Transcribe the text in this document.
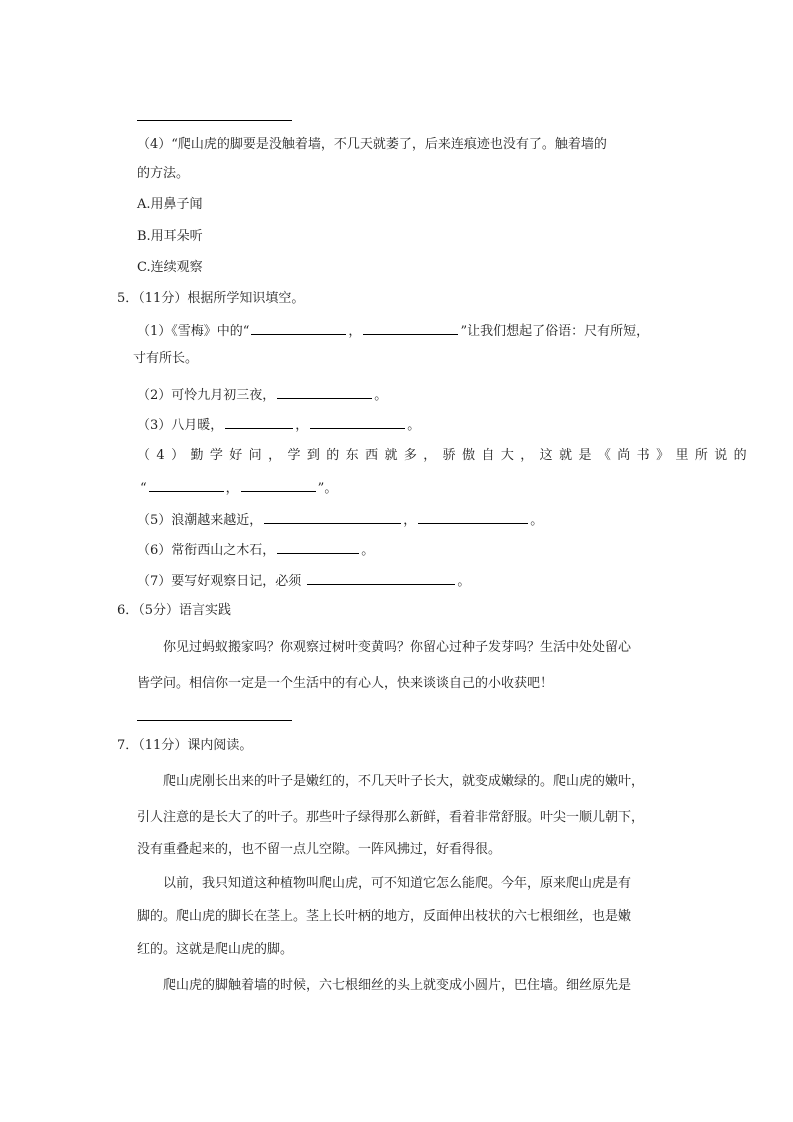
（4）“爬山虎的脚要是没触着墙，不几天就萎了，后来连痕迹也没有了。触着墙的
的方法。
A.用鼻子闻
B.用耳朵听
C.连续观察
5．（11分）根据所学知识填空。
（1）《雪梅》中的“	，	”让我们想起了俗语：尺有所短，
寸有所长。
（2）可怜九月初三夜，	。
（3）八月暖，	，	。
（4）勤学好问，学到的东西就多，骄傲自大，这就是《尚书》里所说的
“	，	”。
（5）浪潮越来越近，	，	。
（6）常衔西山之木石，	。
（7）要写好观察日记，必须	。
6．（5分）语言实践
你见过蚂蚁搬家吗？你观察过树叶变黄吗？你留心过种子发芽吗？生活中处处留心
皆学问。相信你一定是一个生活中的有心人，快来谈谈自己的小收获吧！
7．（11分）课内阅读。
爬山虎刚长出来的叶子是嫩红的，不几天叶子长大，就变成嫩绿的。爬山虎的嫩叶，
引人注意的是长大了的叶子。那些叶子绿得那么新鲜，看着非常舒服。叶尖一顺儿朝下，
没有重叠起来的，也不留一点儿空隙。一阵风拂过，好看得很。
以前，我只知道这种植物叫爬山虎，可不知道它怎么能爬。今年，原来爬山虎是有
脚的。爬山虎的脚长在茎上。茎上长叶柄的地方，反面伸出枝状的六七根细丝，也是嫩
红的。这就是爬山虎的脚。
爬山虎的脚触着墙的时候，六七根细丝的头上就变成小圆片，巴住墙。细丝原先是
